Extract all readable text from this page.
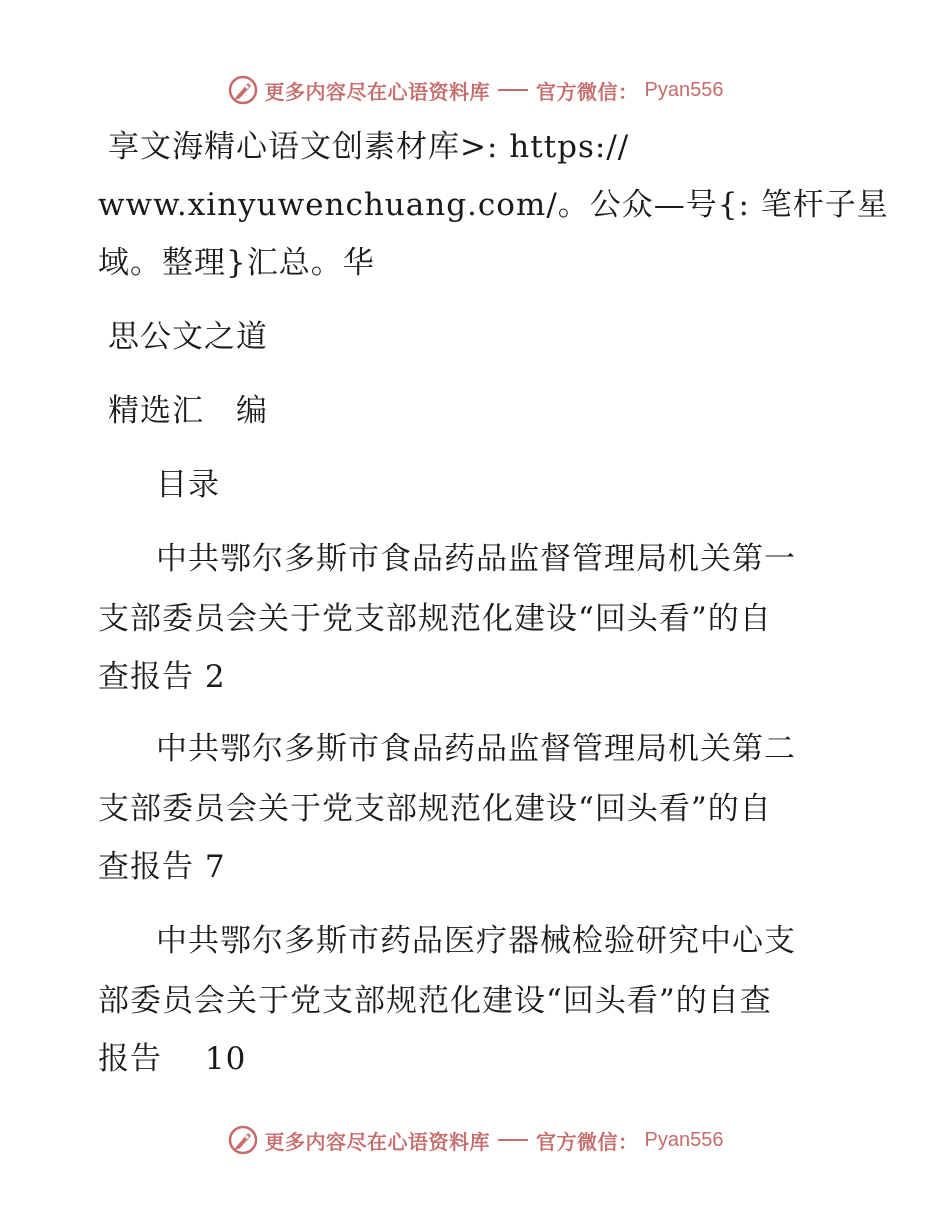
更多内容尽在心语资料库 官方微信： Pyan556
享文海精心语文创素材库>: https://
www.xinyuwenchuang.com/。公众—号{: 笔杆子星
域。整理}汇总。华
思公文之道
精选汇　编
目录
中共鄂尔多斯市食品药品监督管理局机关第一
支部委员会关于党支部规范化建设“回头看”的自
查报告 2
中共鄂尔多斯市食品药品监督管理局机关第二
支部委员会关于党支部规范化建设“回头看”的自
查报告 7
中共鄂尔多斯市药品医疗器械检验研究中心支
部委员会关于党支部规范化建设“回头看”的自查
报告　 10
更多内容尽在心语资料库 官方微信： Pyan556
